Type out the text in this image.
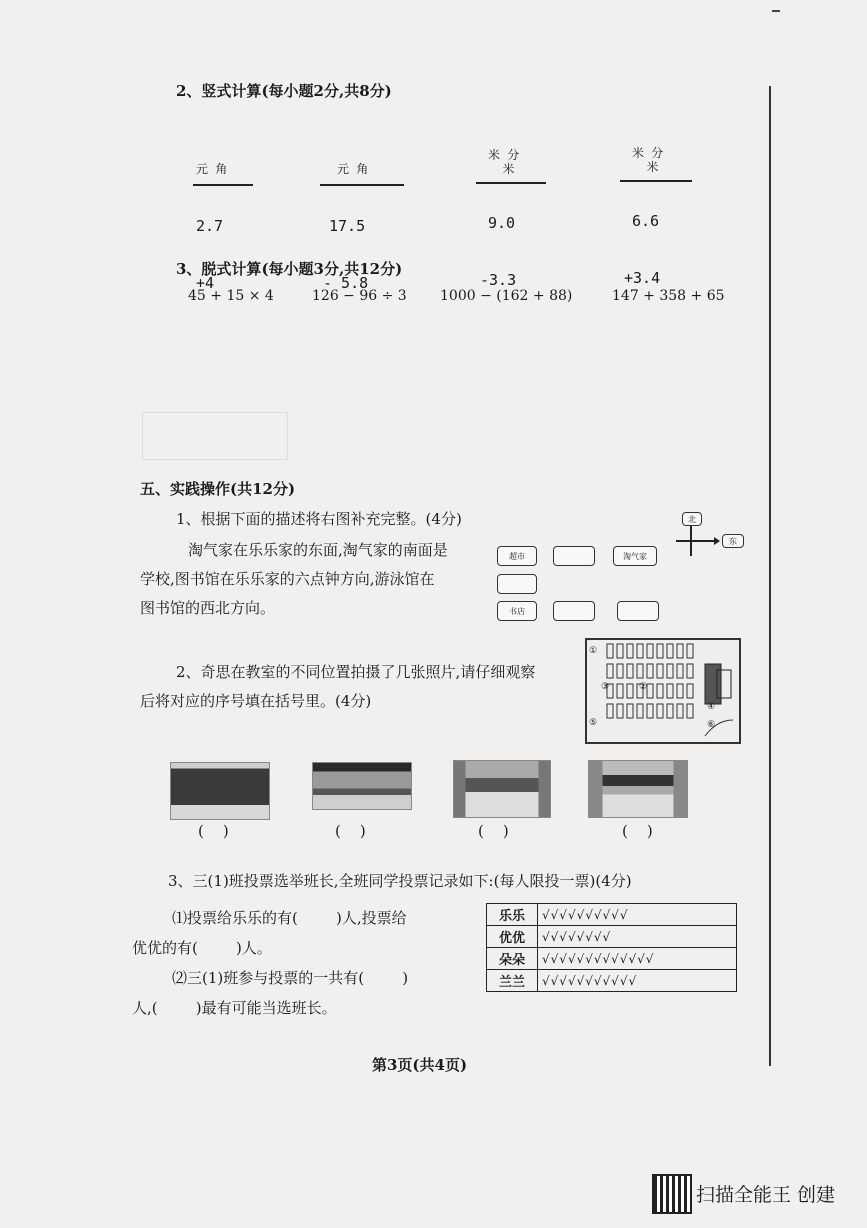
2、竖式计算(每小题2分,共8分)

元 角

2.7

+4

元 角

17.5

- 5.8

米 分
米

9.0

-3.3

米 分
米

6.6

+3.4

3、脱式计算(每小题3分,共12分)
45 + 15 × 4	126 − 96 ÷ 3 1000 − (162 + 88)	147 + 358 + 65
五、实践操作(共12分)
1、根据下面的描述将右图补充完整。(4分)
淘气家在乐乐家的东面,淘气家的南面是
学校,图书馆在乐乐家的六点钟方向,游泳馆在
图书馆的西北方向。
超市	淘气家
书店
北
东
2、奇思在教室的不同位置拍摄了几张照片,请仔细观察
后将对应的序号填在括号里。(4分)
①
②
③
④
⑤	⑥
(    )	(    )	(    )	(    )
3、三(1)班投票选举班长,全班同学投票记录如下:(每人限投一票)(4分)
⑴投票给乐乐的有(        )人,投票给
优优的有(        )人。
⑵三(1)班参与投票的一共有(        )
人,(        )最有可能当选班长。
乐乐	√√√√√√√√√√
优优	√√√√√√√√
朵朵	√√√√√√√√√√√√√
兰兰	√√√√√√√√√√√
第3页(共4页)
扫描全能王 创建
